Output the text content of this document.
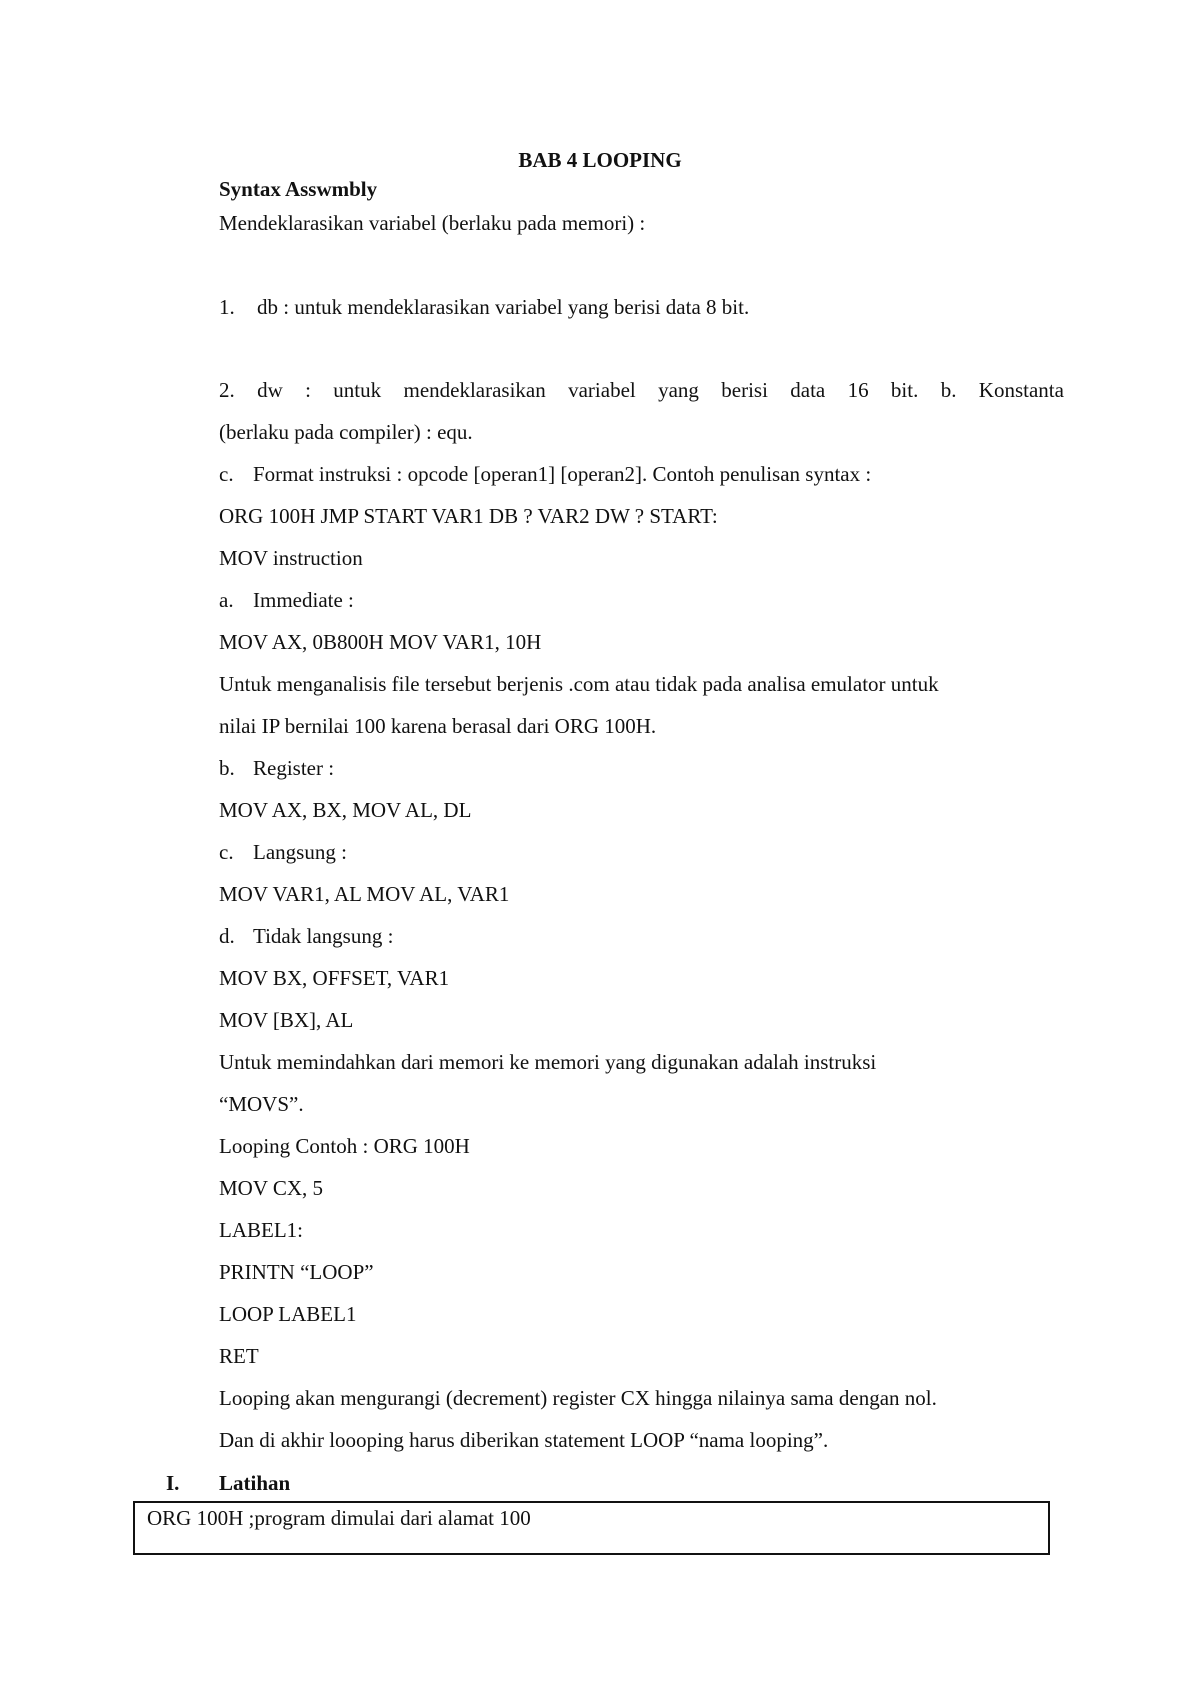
BAB 4 LOOPING
Syntax Asswmbly
Mendeklarasikan variabel (berlaku pada memori) :
1. db : untuk mendeklarasikan variabel yang berisi data 8 bit.
2. dw : untuk mendeklarasikan variabel yang berisi data 16 bit. b. Konstanta
(berlaku pada compiler) : equ.
c. Format instruksi : opcode [operan1] [operan2]. Contoh penulisan syntax :
ORG 100H JMP START VAR1 DB ? VAR2 DW ? START:
MOV instruction
a. Immediate :
MOV AX, 0B800H MOV VAR1, 10H
Untuk menganalisis file tersebut berjenis .com atau tidak pada analisa emulator untuk
nilai IP bernilai 100 karena berasal dari ORG 100H.
b. Register :
MOV AX, BX, MOV AL, DL
c. Langsung :
MOV VAR1, AL MOV AL, VAR1
d. Tidak langsung :
MOV BX, OFFSET, VAR1
MOV [BX], AL
Untuk memindahkan dari memori ke memori yang digunakan adalah instruksi
“MOVS”.
Looping Contoh : ORG 100H
MOV CX, 5
LABEL1:
PRINTN “LOOP”
LOOP LABEL1
RET
Looping akan mengurangi (decrement) register CX hingga nilainya sama dengan nol.
Dan di akhir loooping harus diberikan statement LOOP “nama looping”.
I. Latihan
ORG 100H ;program dimulai dari alamat 100
